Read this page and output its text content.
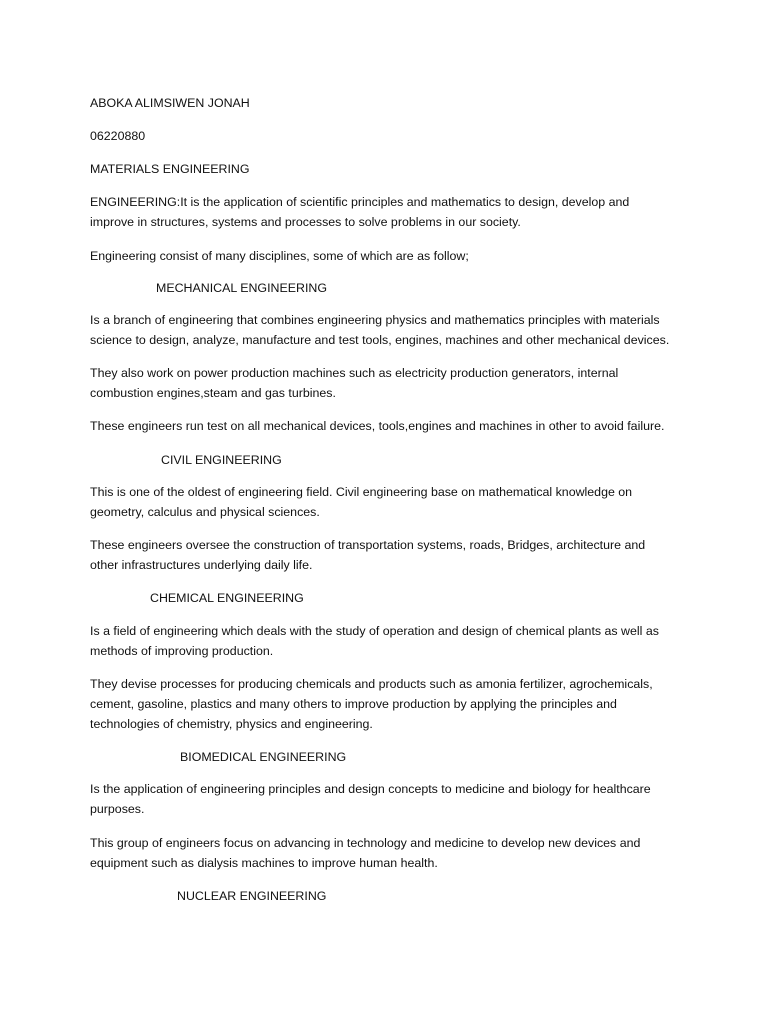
ABOKA ALIMSIWEN JONAH
06220880
MATERIALS ENGINEERING
ENGINEERING:It is the application of scientific principles and mathematics to design, develop and
improve in structures, systems and processes to solve problems in our society.
Engineering consist of many disciplines, some of which are as follow;
MECHANICAL ENGINEERING
Is a branch of engineering that combines engineering physics and mathematics principles with materials
science to design, analyze, manufacture and test tools, engines, machines and other mechanical devices.
They also work on power production machines such as electricity production generators, internal
combustion engines,steam and gas turbines.
These engineers run test on all mechanical devices, tools,engines and machines in other to avoid failure.
CIVIL ENGINEERING
This is one of the oldest of engineering field. Civil engineering base on mathematical knowledge on
geometry, calculus and physical sciences.
These engineers oversee the construction of transportation systems, roads, Bridges, architecture and
other infrastructures underlying daily life.
CHEMICAL ENGINEERING
Is a field of engineering which deals with the study of operation and design of chemical plants as well as
methods of improving production.
They devise processes for producing chemicals and products such as amonia fertilizer, agrochemicals,
cement, gasoline, plastics and many others to improve production by applying the principles and
technologies of chemistry, physics and engineering.
BIOMEDICAL ENGINEERING
Is the application of engineering principles and design concepts to medicine and biology for healthcare
purposes.
This group of engineers focus on advancing in technology and medicine to develop new devices and
equipment such as dialysis machines to improve human health.
NUCLEAR ENGINEERING
